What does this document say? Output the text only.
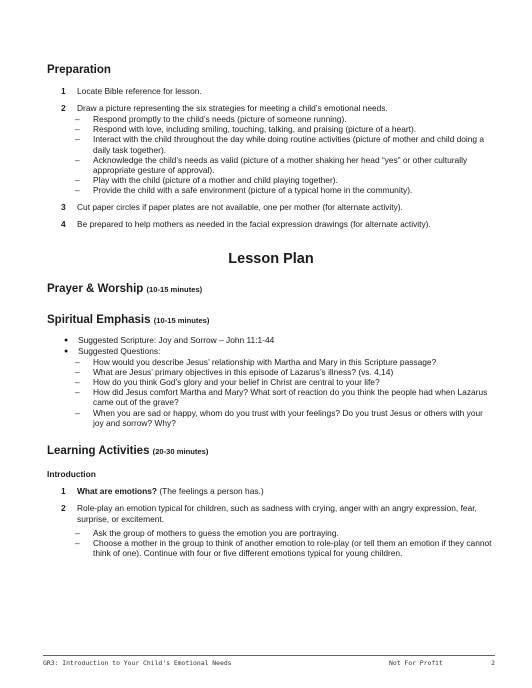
Preparation
1	Locate Bible reference for lesson.
2	Draw a picture representing the six strategies for meeting a child’s emotional needs.
–	Respond promptly to the child’s needs (picture of someone running).
–	Respond with love, including smiling, touching, talking, and praising (picture of a heart).
–	Interact with the child throughout the day while doing routine activities (picture of mother and child doing a daily task together).
–	Acknowledge the child’s needs as valid (picture of a mother shaking her head “yes” or other culturally appropriate gesture of approval).
–	Play with the child (picture of a mother and child playing together).
–	Provide the child with a safe environment (picture of a typical home in the community).
3	Cut paper circles if paper plates are not available, one per mother (for alternate activity).
4	Be prepared to help mothers as needed in the facial expression drawings (for alternate activity).
Lesson Plan
Prayer & Worship (10-15 minutes)
Spiritual Emphasis (10-15 minutes)
●	Suggested Scripture: Joy and Sorrow – John 11:1-44
●	Suggested Questions:
–	How would you describe Jesus’ relationship with Martha and Mary in this Scripture passage?
–	What are Jesus’ primary objectives in this episode of Lazarus’s illness? (vs. 4,14)
–	How do you think God’s glory and your belief in Christ are central to your life?
–	How did Jesus comfort Martha and Mary? What sort of reaction do you think the people had when Lazarus came out of the grave?
–	When you are sad or happy, whom do you trust with your feelings? Do you trust Jesus or others with your joy and sorrow? Why?
Learning Activities (20-30 minutes)
Introduction
1	What are emotions? (The feelings a person has.)
2	Role-play an emotion typical for children, such as sadness with crying, anger with an angry expression, fear, surprise, or excitement.
–	Ask the group of mothers to guess the emotion you are portraying.
–	Choose a mother in the group to think of another emotion to role-play (or tell them an emotion if they cannot think of one). Continue with four or five different emotions typical for young children.
GR3: Introduction to Your Child’s Emotional Needs	Not For Profit	2
